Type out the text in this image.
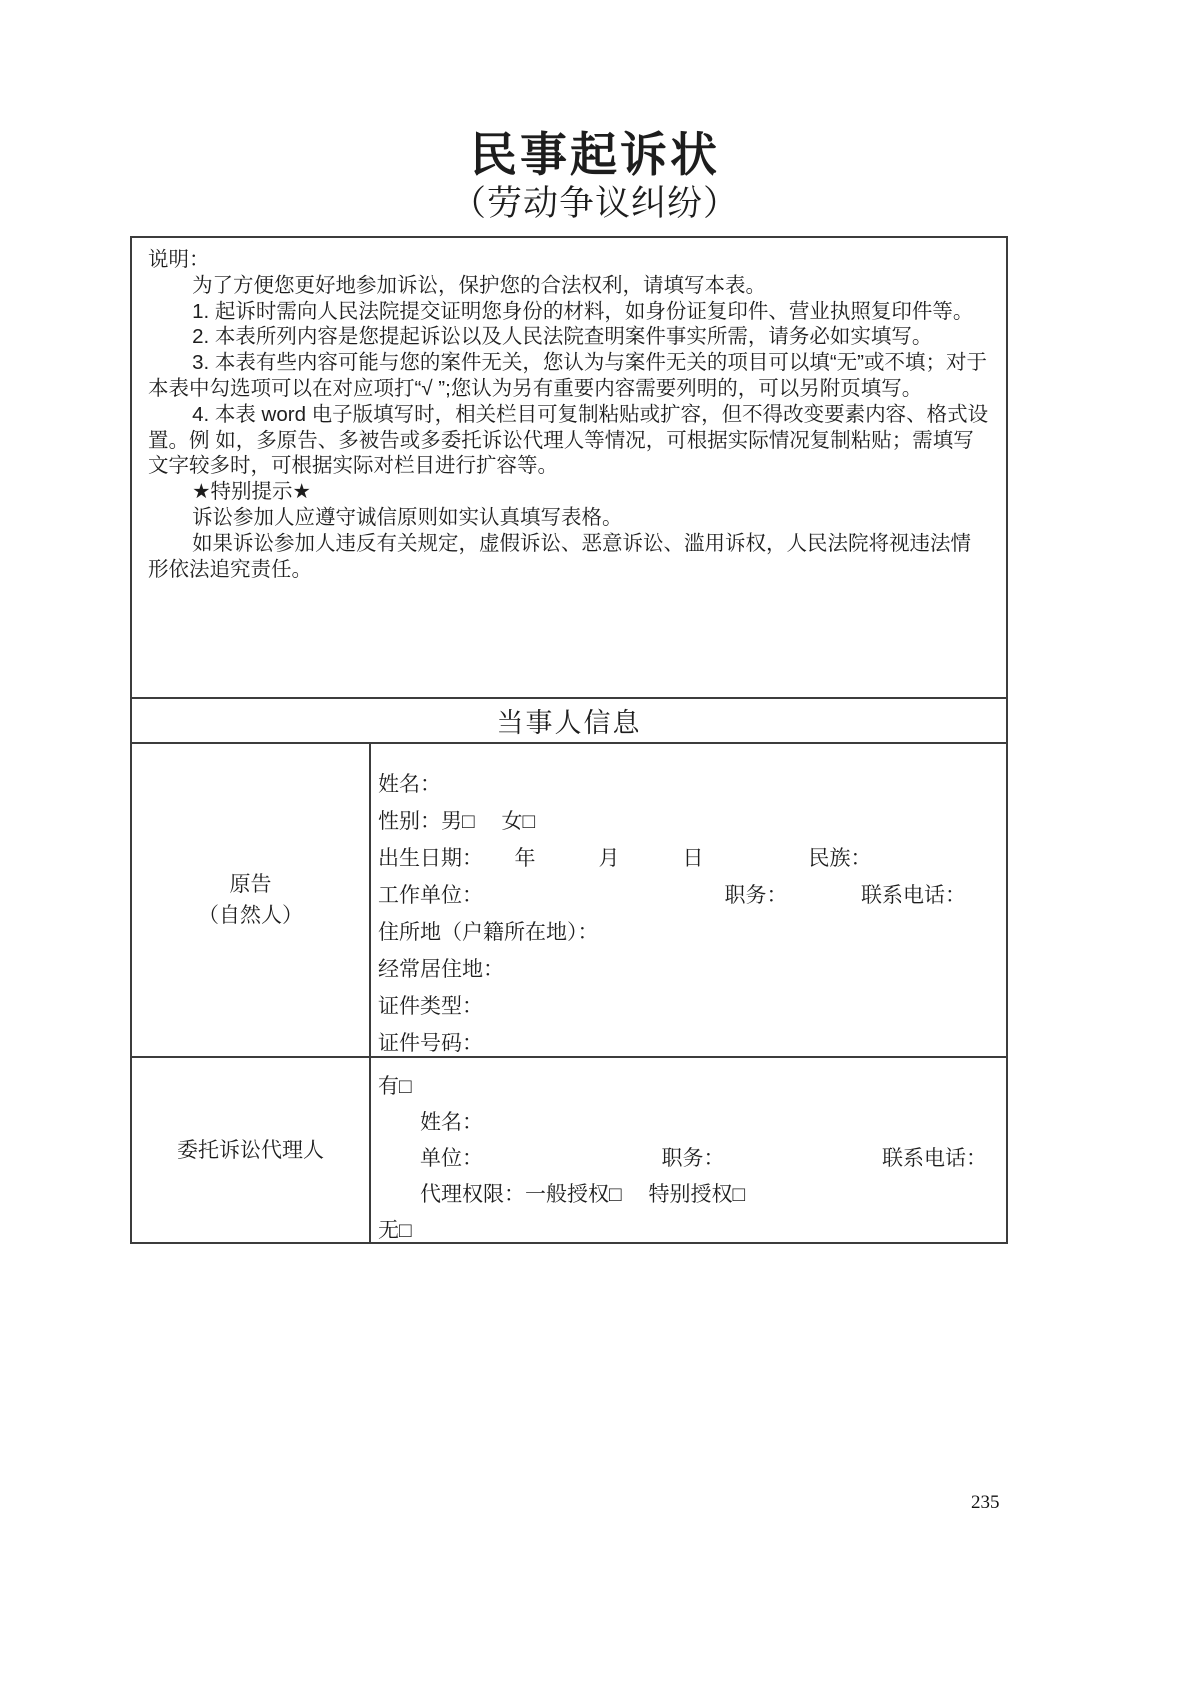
民事起诉状
（劳动争议纠纷）

说明：

为了方便您更好地参加诉讼，保护您的合法权利，请填写本表。

1. 起诉时需向人民法院提交证明您身份的材料，如身份证复印件、营业执照复印件等。

2. 本表所列内容是您提起诉讼以及人民法院查明案件事实所需，请务必如实填写。

3. 本表有些内容可能与您的案件无关，您认为与案件无关的项目可以填“无”或不填；对于本表中勾选项可以在对应项打“√ ”;您认为另有重要内容需要列明的，可以另附页填写。

4. 本表 word 电子版填写时，相关栏目可复制粘贴或扩容，但不得改变要素内容、格式设置。例 如，多原告、多被告或多委托诉讼代理人等情况，可根据实际情况复制粘贴；需填写文字较多时，可根据实际对栏目进行扩容等。

★特别提示★

诉讼参加人应遵守诚信原则如实认真填写表格。

如果诉讼参加人违反有关规定，虚假诉讼、恶意诉讼、滥用诉权，人民法院将视违法情形依法追究责任。

当事人信息
原告
（自然人）
姓名：
性别：男□　 女□
出生日期：　　年　　　月　　　日　　　　　民族：
工作单位：　　　　　　　　　　　　职务：　　　　联系电话：
住所地（户籍所在地）：
经常居住地：
证件类型：
证件号码：
委托诉讼代理人
有□
　　姓名：
　　单位：　　　　　　　　　职务：　　　　　　　　联系电话：
　　代理权限：一般授权□　 特别授权□
无□
235
